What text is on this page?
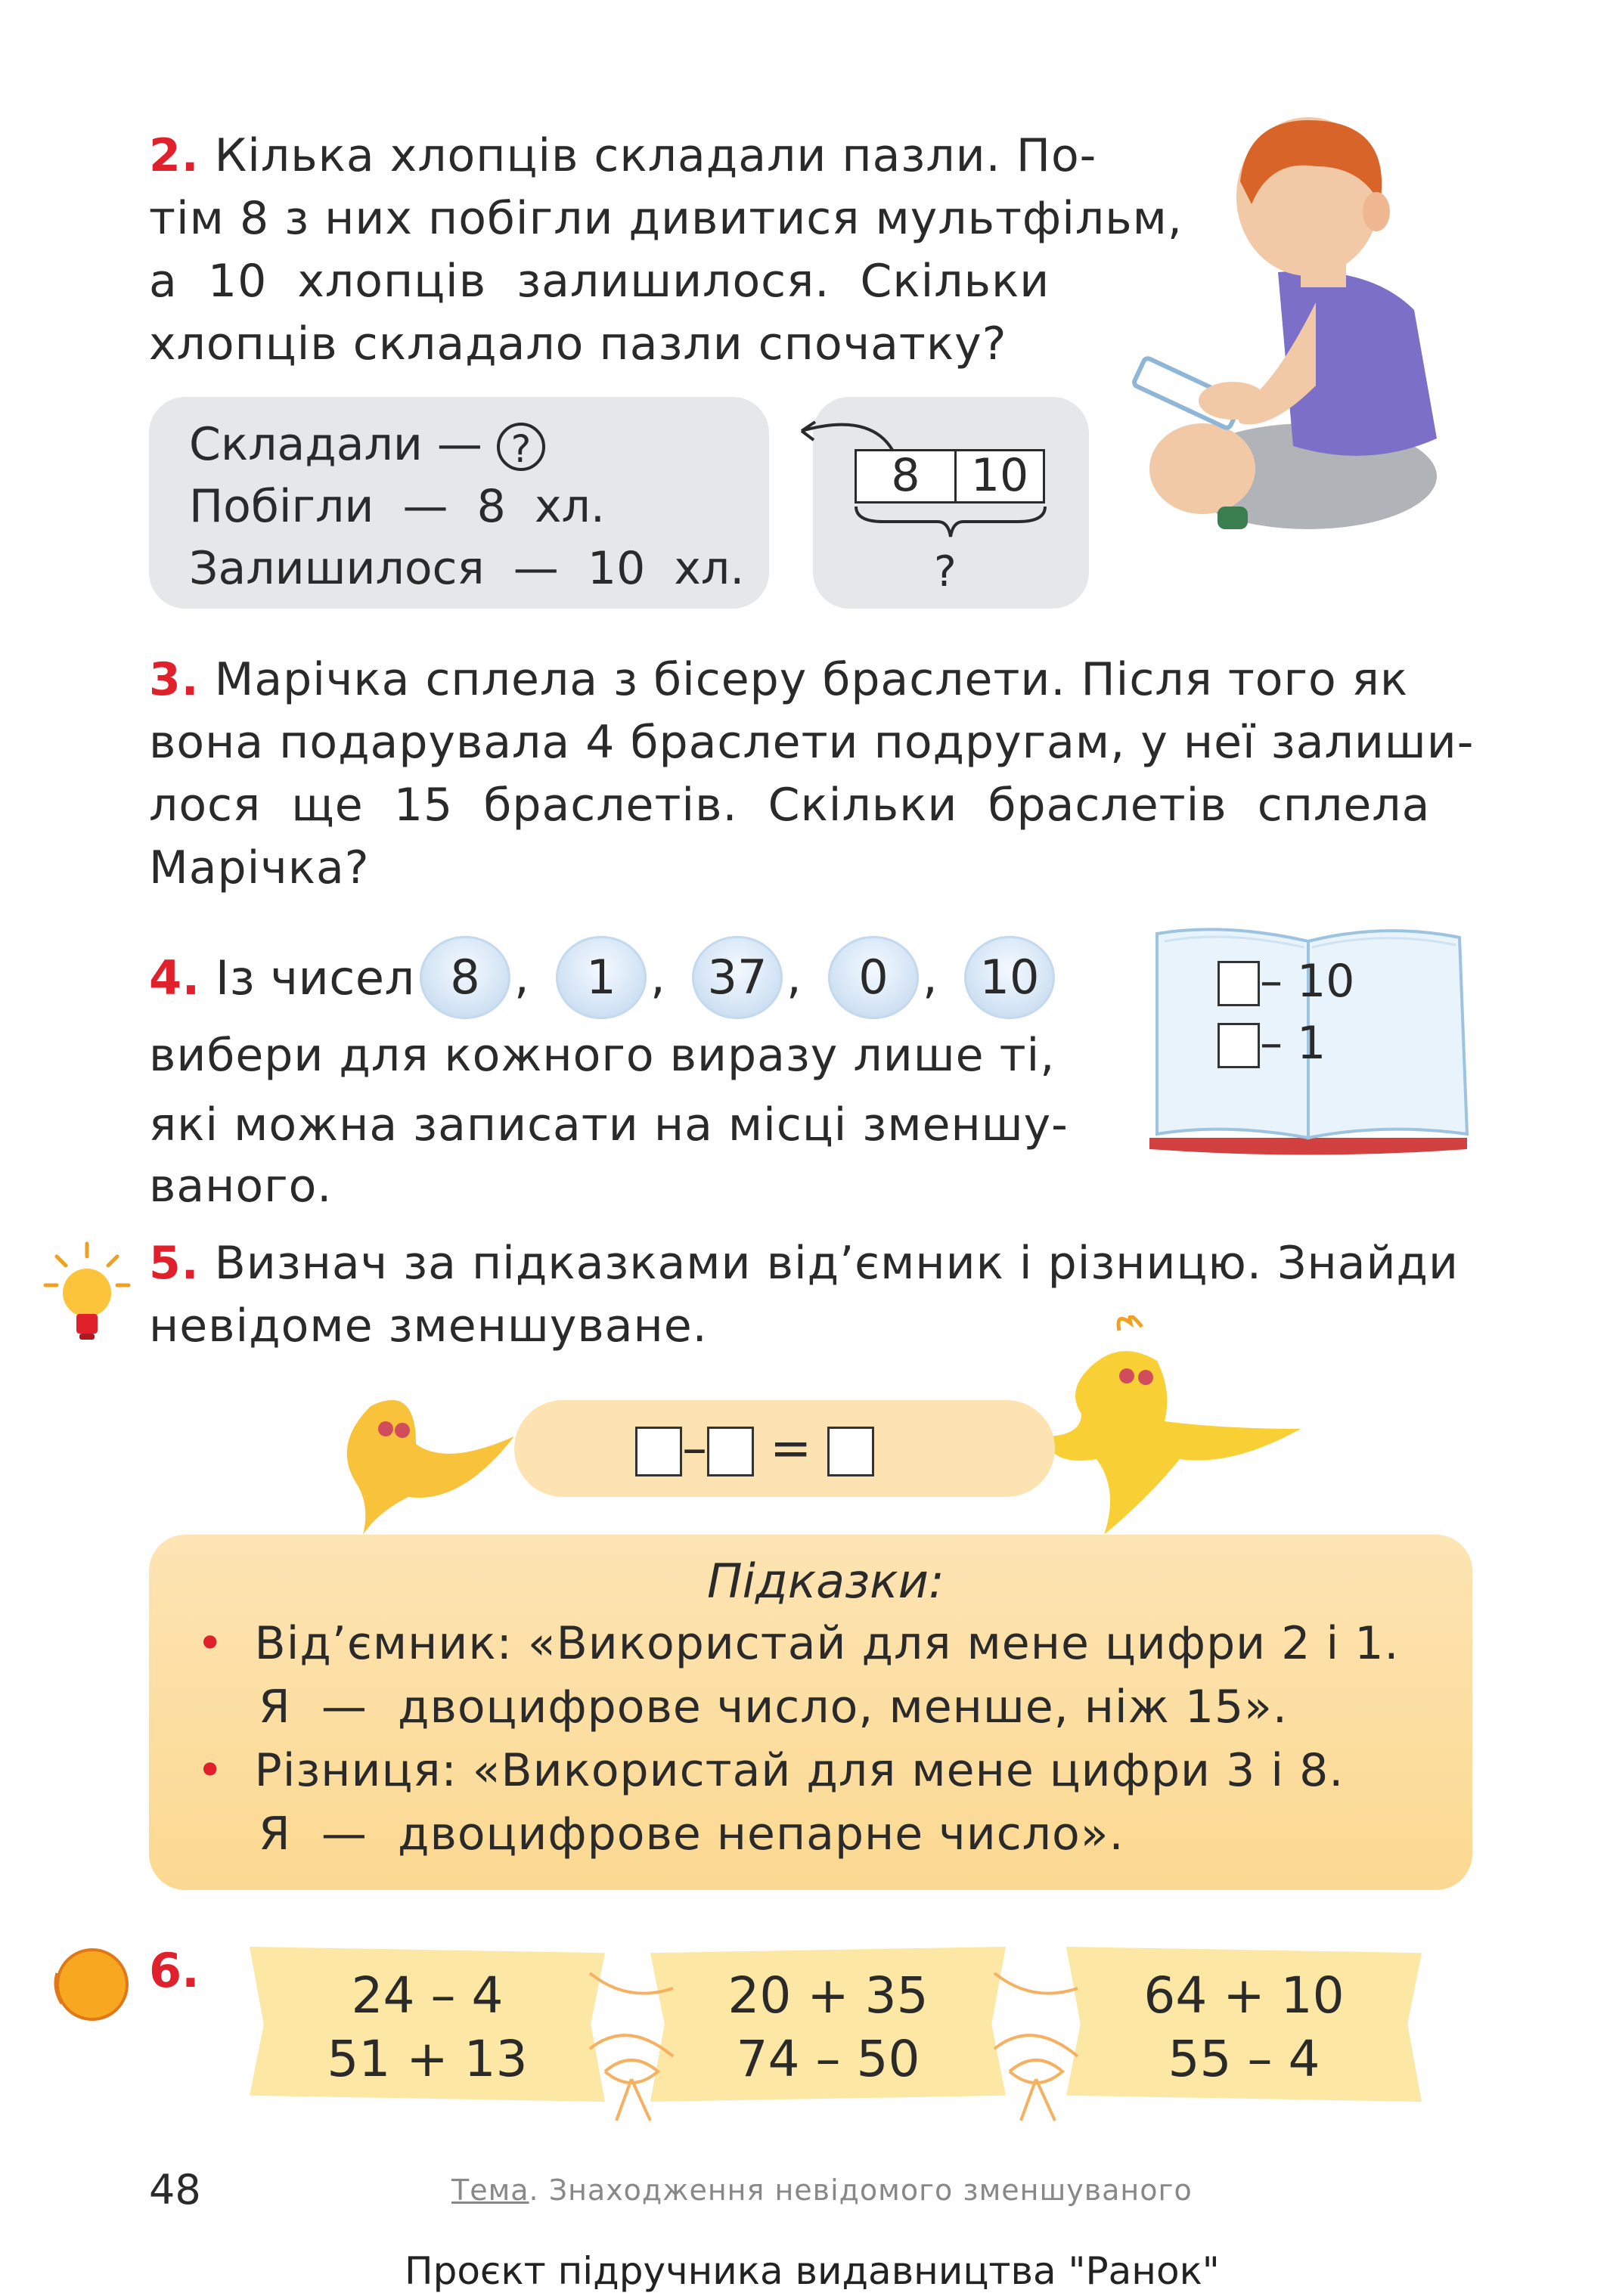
2. Кілька хлопців складали пазли. По-
тім 8 з них побігли дивитися мультфільм,
а  10  хлопців  залишилося.  Скільки
хлопців складало пазли спочатку?
Складали — ?
Побігли  —  8  хл.
Залишилося  —  10  хл.
8	10
?
3. Марічка сплела з бісеру браслети. Після того як
вона подарувала 4 браслети подругам, у неї залиши-
лося  ще  15  браслетів.  Скільки  браслетів  сплела
Марічка?
4. Із чисел 8 ,	1 , 37 ,	0 , 10
вибери для кожного виразу лише ті,
які можна записати на місці зменшу-
ваного.
– 10
– 1
5. Визнач за підказками від’ємник і різницю. Знайди
невідоме зменшуване.
– =
Підказки:
• Від’ємник: «Використай для мене цифри 2 і 1.
Я  —  двоцифрове число, менше, ніж 15».
• Різниця: «Використай для мене цифри 3 і 8.
Я  —  двоцифрове непарне число».
6.	24 – 4
51 + 13
20 + 35
74 – 50
64 + 10
55 – 4
48	Тема. Знаходження невідомого зменшуваного
Проєкт підручника видавництва "Ранок"
